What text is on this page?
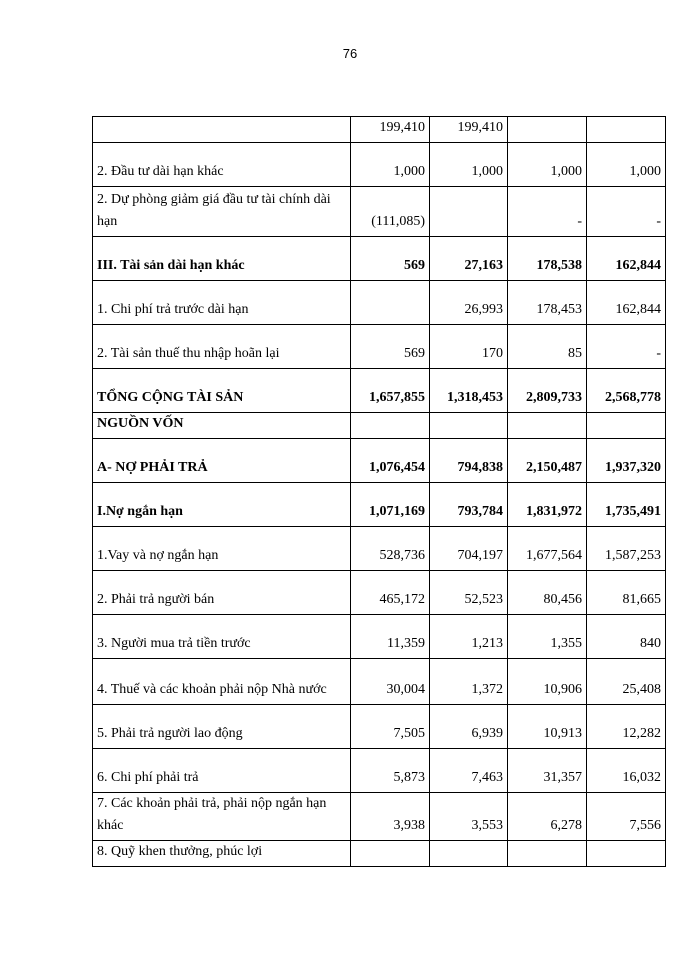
76
	199,410	199,410		
2. Đầu tư dài hạn khác	1,000	1,000	1,000	1,000
2. Dự phòng giảm giá đầu tư tài chính dài hạn	(111,085)		-	-
III. Tài sản dài hạn khác	569	27,163	178,538	162,844
1. Chi phí trả trước dài hạn		26,993	178,453	162,844
2. Tài sản thuế thu nhập hoãn lại	569	170	85	-
TỔNG CỘNG TÀI SẢN	1,657,855	1,318,453	2,809,733	2,568,778
NGUỒN VỐN				
A- NỢ PHẢI TRẢ	1,076,454	794,838	2,150,487	1,937,320
I.Nợ ngắn hạn	1,071,169	793,784	1,831,972	1,735,491
1.Vay và nợ ngắn hạn	528,736	704,197	1,677,564	1,587,253
2. Phải trả người bán	465,172	52,523	80,456	81,665
3. Người mua trả tiền trước	11,359	1,213	1,355	840
4. Thuế và các khoản phải nộp Nhà nước	30,004	1,372	10,906	25,408
5. Phải trả người lao động	7,505	6,939	10,913	12,282
6. Chi phí phải trả	5,873	7,463	31,357	16,032
7. Các khoản phải trả, phải nộp ngắn hạn khác	3,938	3,553	6,278	7,556
8. Quỹ khen thưởng, phúc lợi				
